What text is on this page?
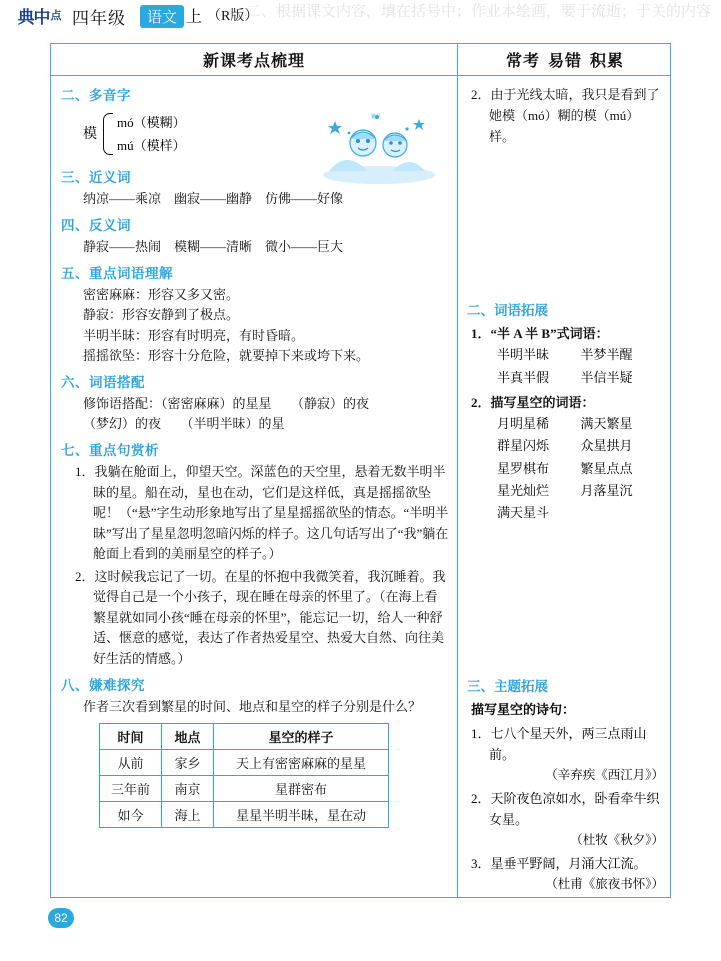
典中 点 四年级	语文 上 （R版）
二、根据课文内容，填在括号中；作业本绘画，要于流逝；于关的内容
新课考点梳理	常考 易错 积累
二、多音字
模
mó（模糊）
mú（模样）
繁星
三、近义词
纳凉——乘凉　幽寂——幽静　仿佛——好像
四、反义词
静寂——热闹　模糊——清晰　微小——巨大
五、重点词语理解
密密麻麻：形容又多又密。
静寂：形容安静到了极点。
半明半昧：形容有时明亮，有时昏暗。
摇摇欲坠：形容十分危险，就要掉下来或垮下来。
六、词语搭配
修饰语搭配：（密密麻麻）的星星　　（静寂）的夜
（梦幻）的夜　　（半明半昧）的星
七、重点句赏析
1．我躺在舱面上，仰望天空。深蓝色的天空里，悬着无数半明半昧的星。船在动，星也在动，它们是这样低，真是摇摇欲坠呢！（“悬”字生动形象地写出了星星摇摇欲坠的情态。“半明半昧”写出了星星忽明忽暗闪烁的样子。这几句话写出了“我”躺在舱面上看到的美丽星空的样子。）
2．这时候我忘记了一切。在星的怀抱中我微笑着，我沉睡着。我觉得自己是一个小孩子，现在睡在母亲的怀里了。（在海上看繁星就如同小孩“睡在母亲的怀里”，能忘记一切，给人一种舒适、惬意的感觉，表达了作者热爱星空、热爱大自然、向往美好生活的情感。）
八、嫌难探究
作者三次看到繁星的时间、地点和星空的样子分别是什么？
时间	地点	星空的样子
从前	家乡	天上有密密麻麻的星星
三年前	南京	星群密布
如今	海上	星星半明半昧，星在动
2．由于光线太暗，我只是看到了她模（mó）糊的模（mú）样。
二、词语拓展
1．“半 A 半 B”式词语：
半明半昧	半梦半醒
半真半假	半信半疑
2．描写星空的词语：
月明星稀	满天繁星
群星闪烁	众星拱月
星罗棋布	繁星点点
星光灿烂	月落星沉
满天星斗
三、主题拓展
描写星空的诗句：
1．七八个星天外，两三点雨山前。
（辛弃疾《西江月》）
2．天阶夜色凉如水，卧看牵牛织女星。
（杜牧《秋夕》）
3．星垂平野阔，月涌大江流。
（杜甫《旅夜书怀》）
82
